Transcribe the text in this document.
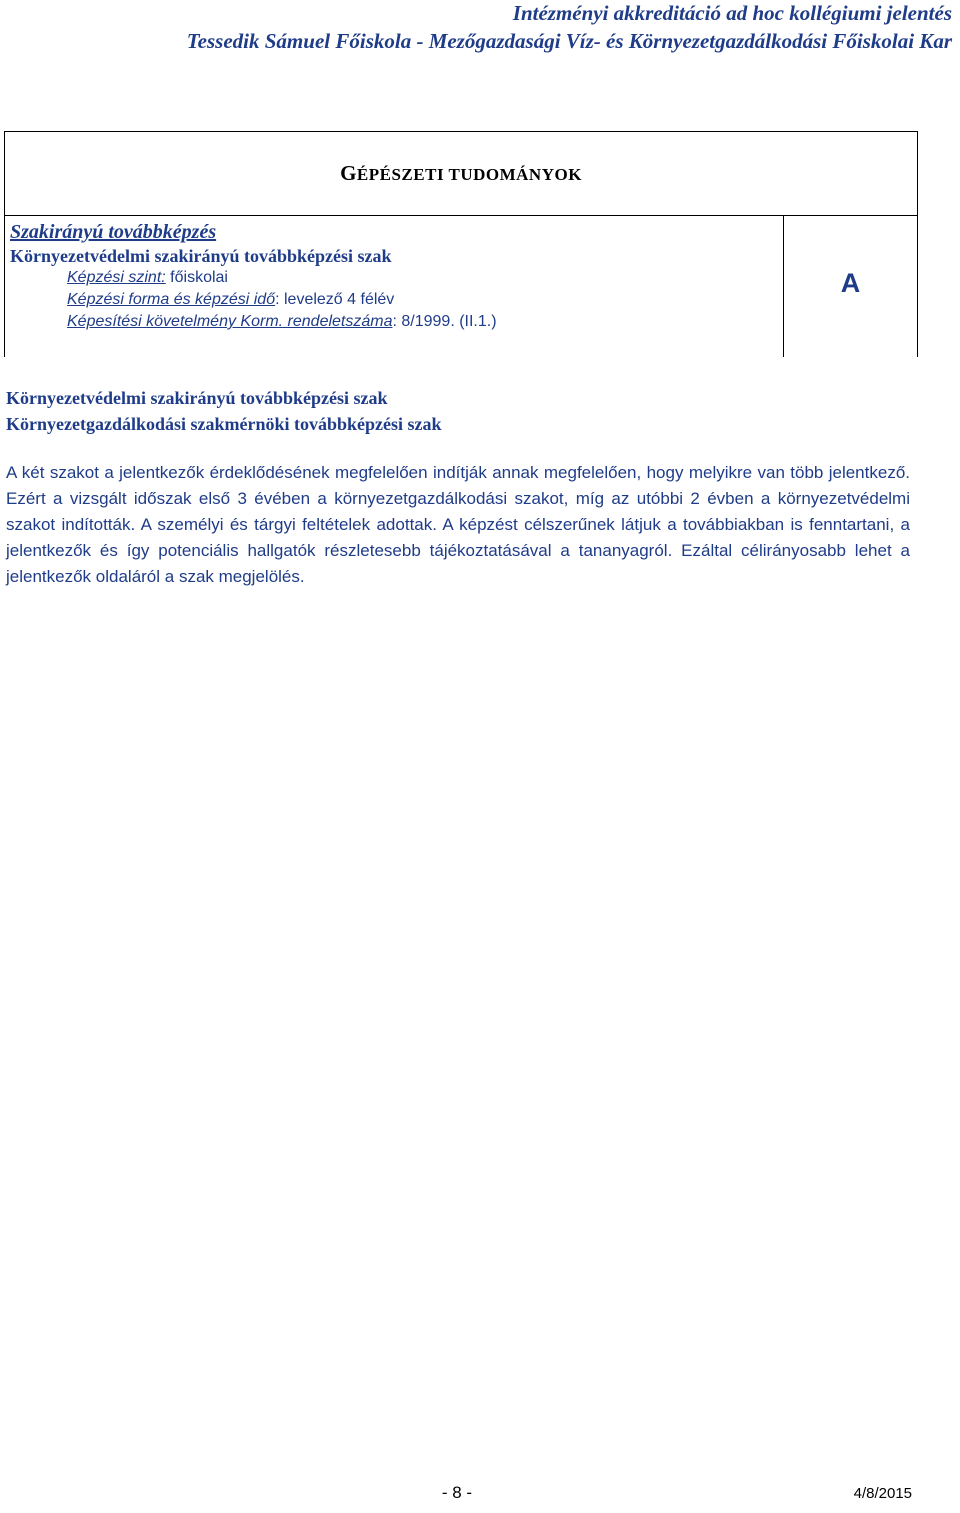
Intézményi akkreditáció ad hoc kollégiumi jelentés
Tessedik Sámuel Főiskola - Mezőgazdasági Víz- és Környezetgazdálkodási Főiskolai Kar
GÉPÉSZETI TUDOMÁNYOK
Szakirányú továbbképzés
Környezetvédelmi szakirányú továbbképzési szak
Képzési szint: főiskolai
Képzési forma és képzési idő: levelező 4 félév
Képesítési követelmény Korm. rendeletszáma: 8/1999. (II.1.)
A
Környezetvédelmi szakirányú továbbképzési szak
Környezetgazdálkodási szakmérnöki továbbképzési szak

A két szakot a jelentkezők érdeklődésének megfelelően indítják annak megfelelően, hogy melyikre van több jelentkező. Ezért a vizsgált időszak első 3 évében a környezetgazdálkodási szakot, míg az utóbbi 2 évben a környezetvédelmi szakot indították. A személyi és tárgyi feltételek adottak. A képzést célszerűnek látjuk a továbbiakban is fenntartani, a jelentkezők és így potenciális hallgatók részletesebb tájékoztatásával a tananyagról. Ezáltal célirányosabb lehet a jelentkezők oldaláról a szak megjelölés.

- 8 -	4/8/2015
